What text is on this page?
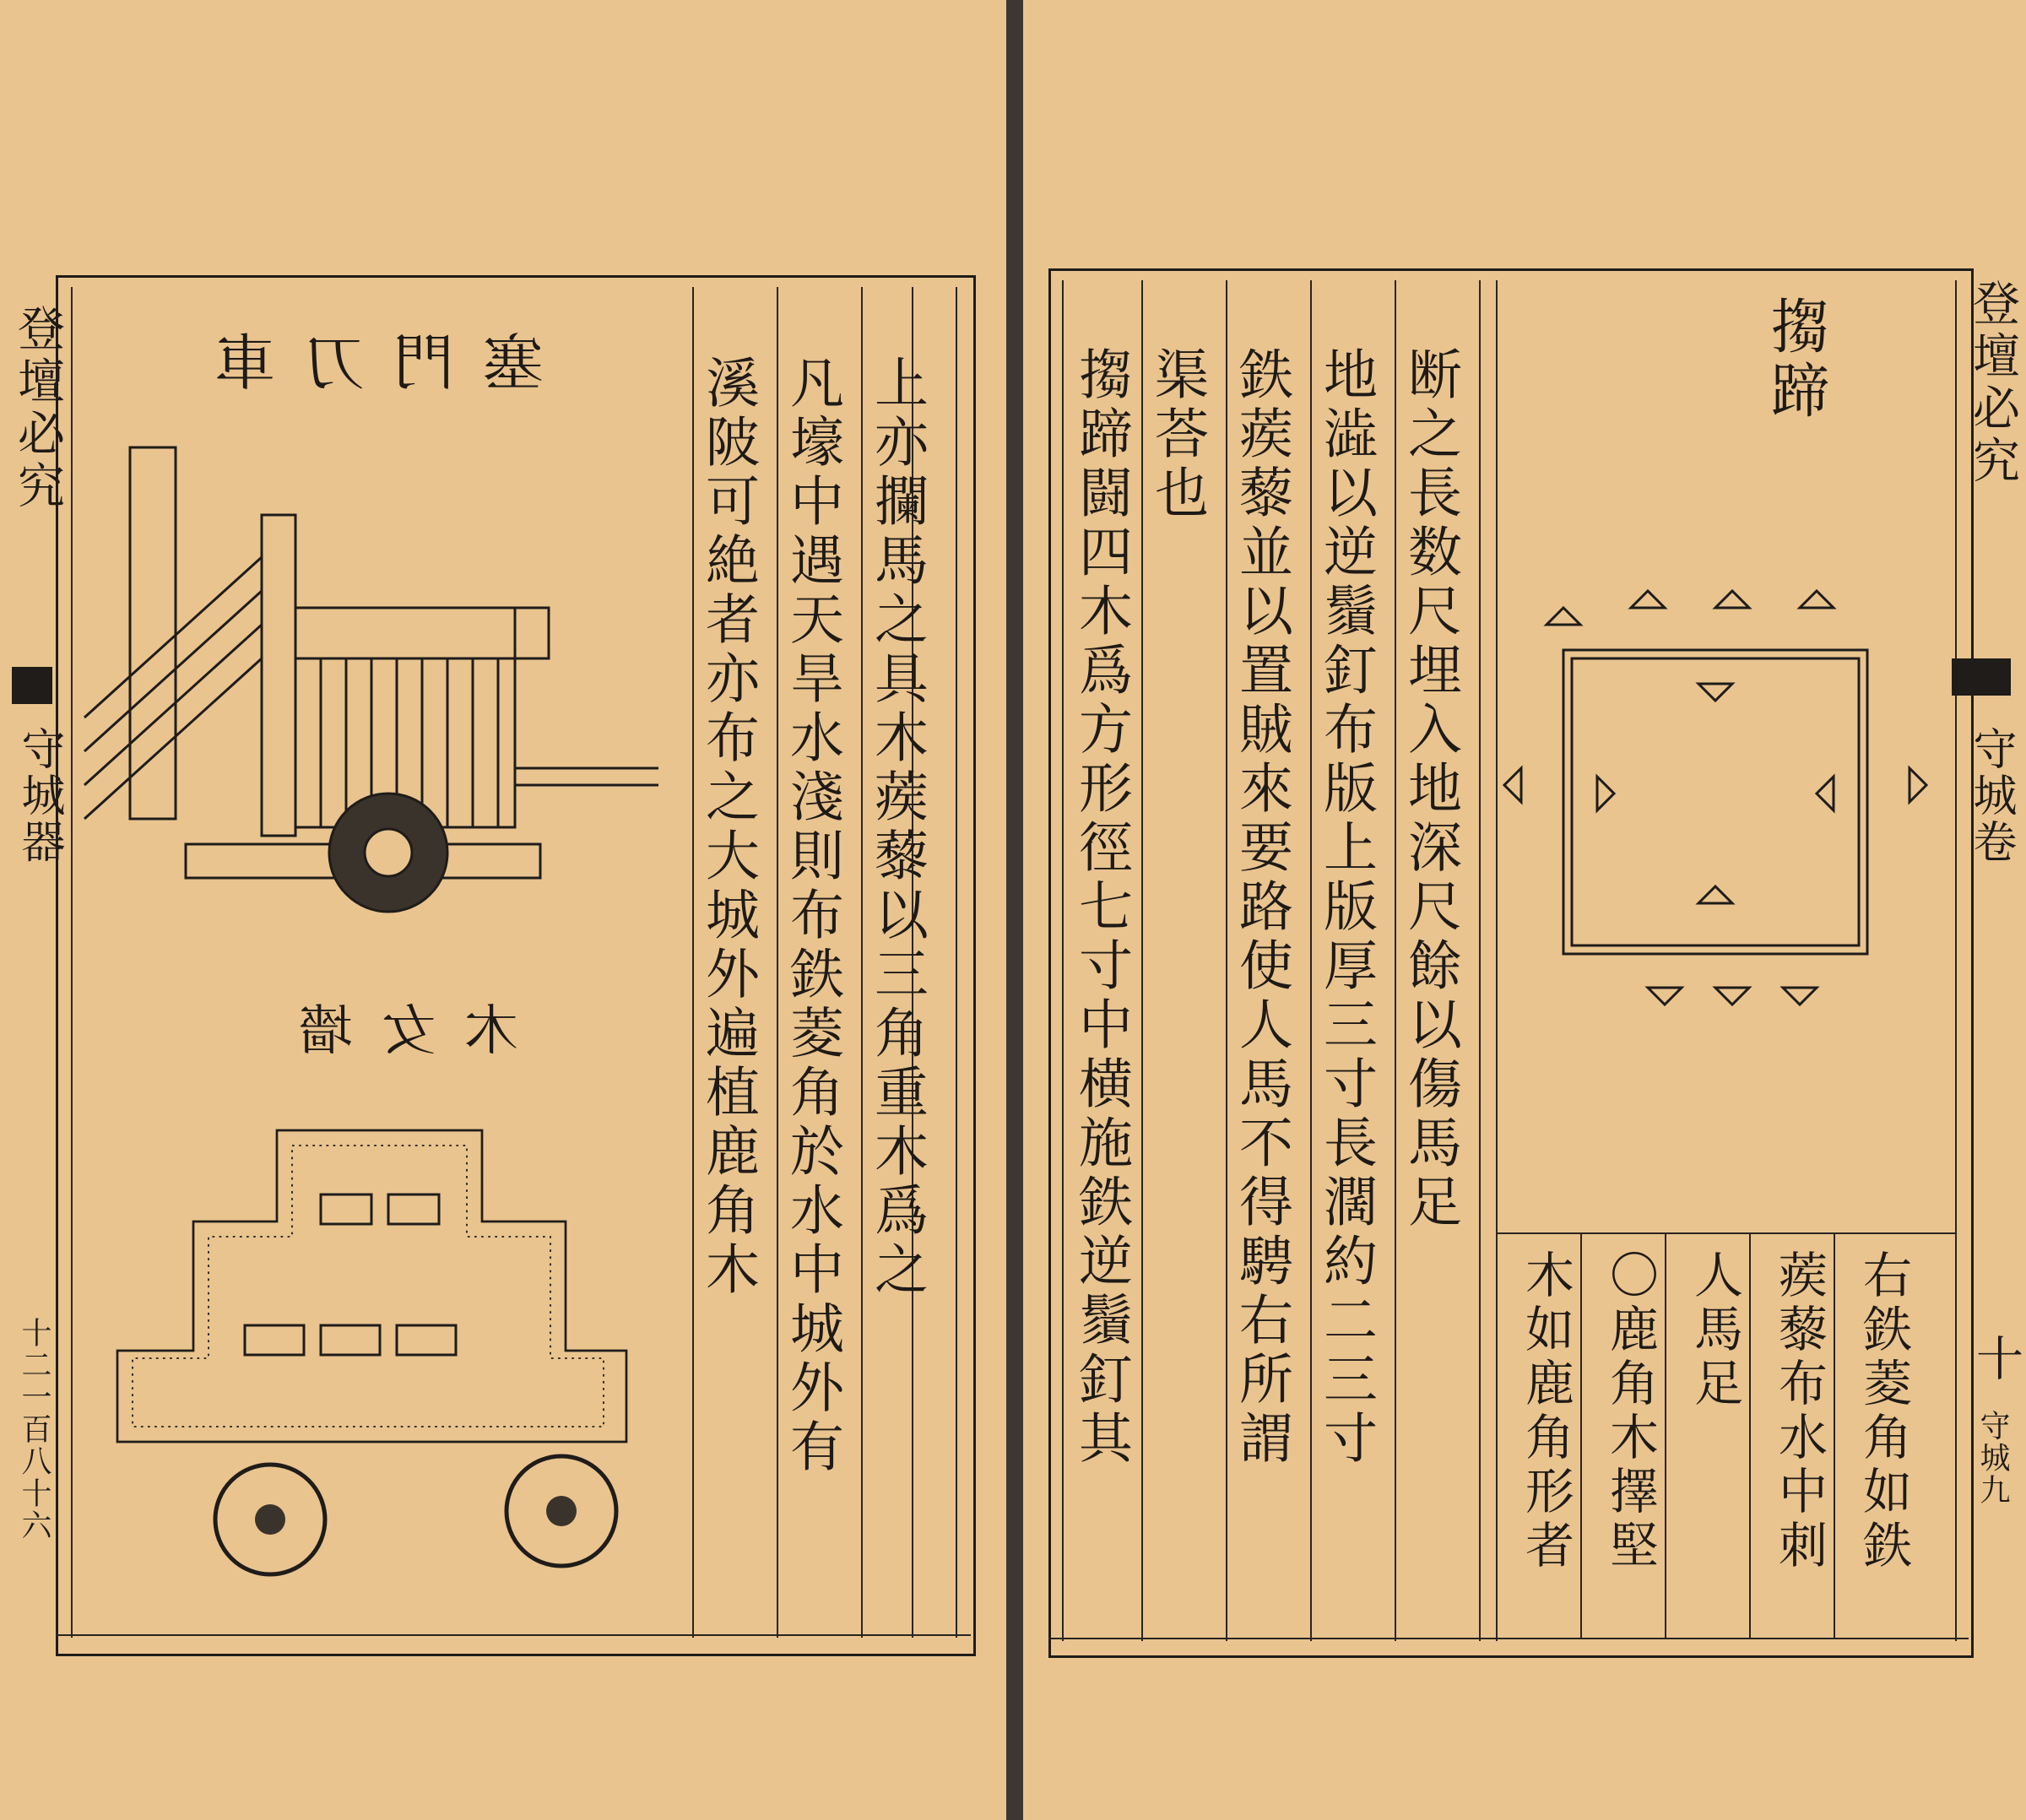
登壇必究
守城器
十二一百八十六
上亦攔馬之具木蒺藜以三角重木爲之
凡壕中遇天旱水淺則布鉄菱角於水中城外有
溪陂可絶者亦布之大城外遍植鹿角木
塞門刀車
木女墻
登壇必究
守城卷
十
守城九
断之長数尺埋入地深尺餘以傷馬足
地澁以逆鬚釘布版上版厚三寸長濶約二三寸
鉄蒺藜並以置賊來要路使人馬不得騁右所謂
渠荅也
搊蹄闘四木爲方形徑七寸中横施鉄逆鬚釘其	搊蹄
右鉄菱角如鉄
蒺藜布水中刺
人馬足
〇鹿角木擇堅
木如鹿角形者
